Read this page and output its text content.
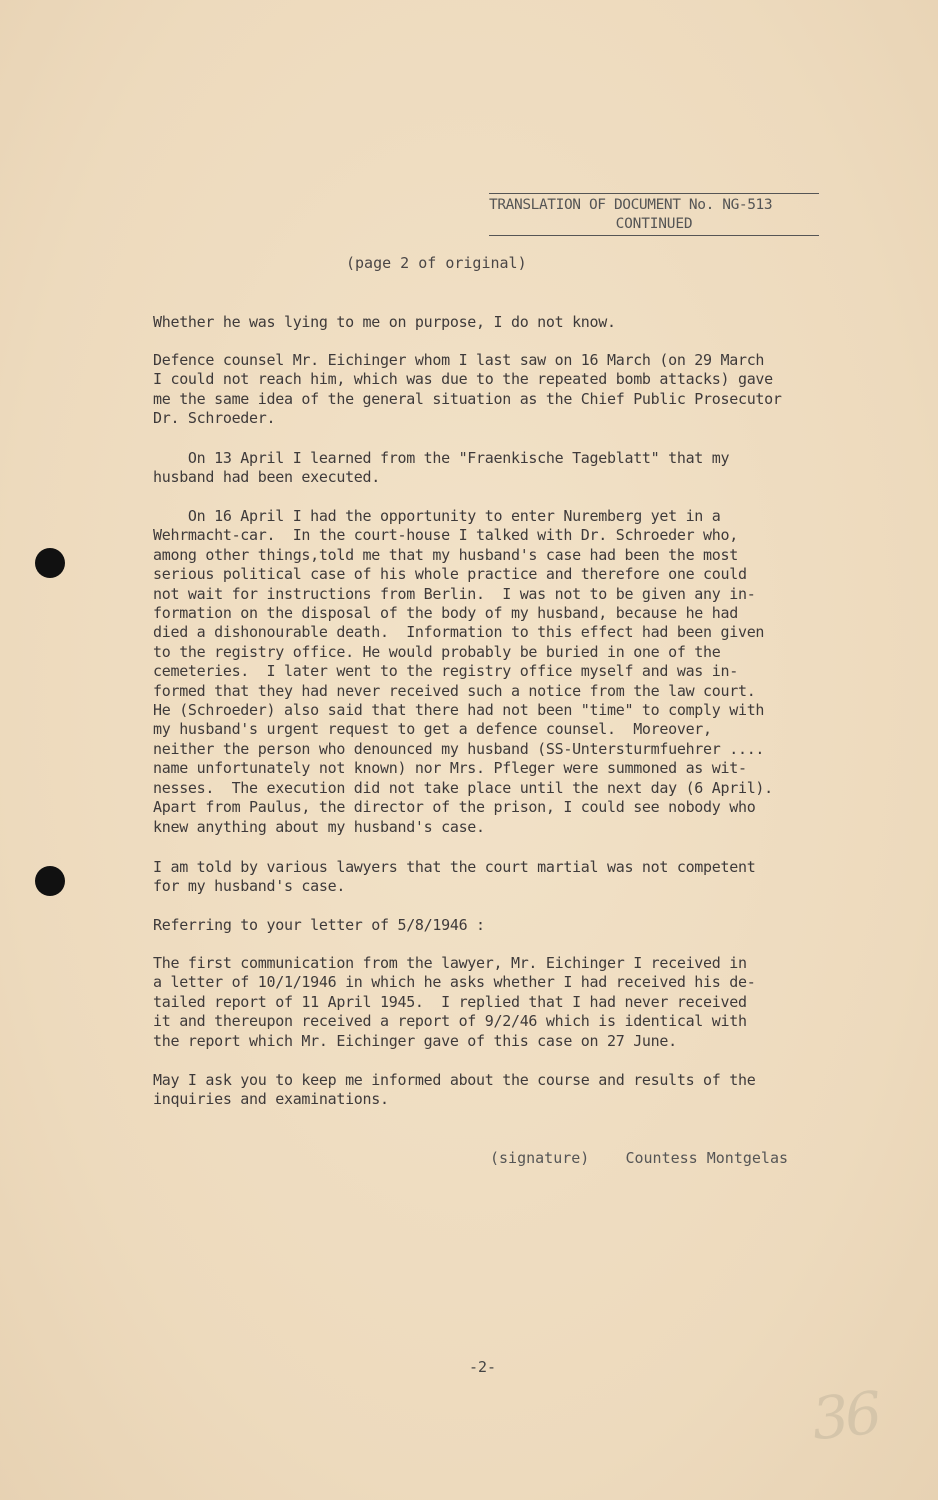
TRANSLATION OF DOCUMENT No. NG-513
CONTINUED
(page 2 of original)
Whether he was lying to me on purpose, I do not know.
Defence counsel Mr. Eichinger whom I last saw on 16 March (on 29 March
I could not reach him, which was due to the repeated bomb attacks) gave
me the same idea of the general situation as the Chief Public Prosecutor
Dr. Schroeder.
On 13 April I learned from the "Fraenkische Tageblatt" that my
husband had been executed.
On 16 April I had the opportunity to enter Nuremberg yet in a
Wehrmacht-car.  In the court-house I talked with Dr. Schroeder who,
among other things,told me that my husband's case had been the most
serious political case of his whole practice and therefore one could
not wait for instructions from Berlin.  I was not to be given any in-
formation on the disposal of the body of my husband, because he had
died a dishonourable death.  Information to this effect had been given
to the registry office. He would probably be buried in one of the
cemeteries.  I later went to the registry office myself and was in-
formed that they had never received such a notice from the law court.
He (Schroeder) also said that there had not been "time" to comply with
my husband's urgent request to get a defence counsel.  Moreover,
neither the person who denounced my husband (SS-Untersturmfuehrer ....
name unfortunately not known) nor Mrs. Pfleger were summoned as wit-
nesses.  The execution did not take place until the next day (6 April).
Apart from Paulus, the director of the prison, I could see nobody who
knew anything about my husband's case.
I am told by various lawyers that the court martial was not competent
for my husband's case.
Referring to your letter of 5/8/1946 :
The first communication from the lawyer, Mr. Eichinger I received in
a letter of 10/1/1946 in which he asks whether I had received his de-
tailed report of 11 April 1945.  I replied that I had never received
it and thereupon received a report of 9/2/46 which is identical with
the report which Mr. Eichinger gave of this case on 27 June.
May I ask you to keep me informed about the course and results of the
inquiries and examinations.
(signature) Countess Montgelas
-2-
36
